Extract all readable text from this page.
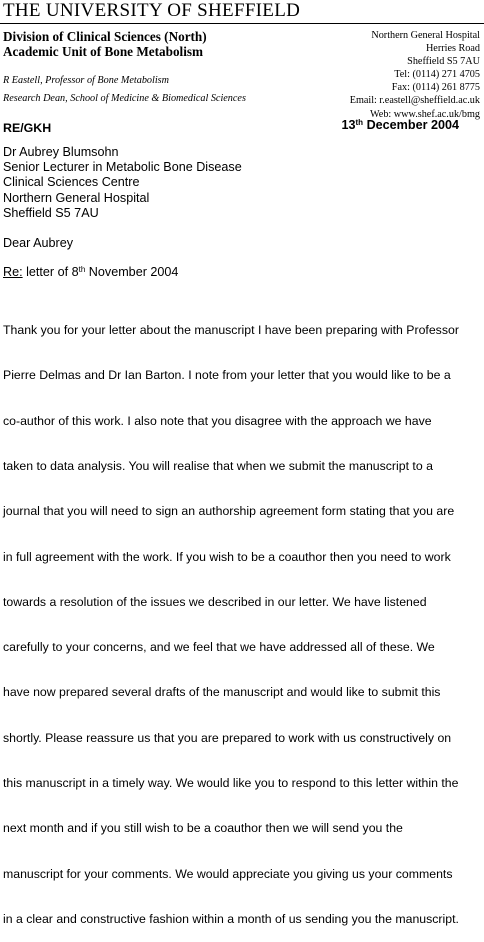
THE UNIVERSITY OF SHEFFIELD
Division of Clinical Sciences (North)
Academic Unit of Bone Metabolism
R Eastell, Professor of Bone Metabolism
Research Dean, School of Medicine & Biomedical Sciences
Northern General Hospital
Herries Road
Sheffield S5 7AU
Tel: (0114) 271 4705
Fax: (0114) 261 8775
Email: r.eastell@sheffield.ac.uk
Web: www.shef.ac.uk/bmg
RE/GKH	13th December 2004
Dr Aubrey Blumsohn
Senior Lecturer in Metabolic Bone Disease
Clinical Sciences Centre
Northern General Hospital
Sheffield S5 7AU
Dear Aubrey
Re: letter of 8th November 2004

Thank you for your letter about the manuscript I have been preparing with Professor

Pierre Delmas and Dr Ian Barton. I note from your letter that you would like to be a

co-author of this work. I also note that you disagree with the approach we have

taken to data analysis. You will realise that when we submit the manuscript to a

journal that you will need to sign an authorship agreement form stating that you are

in full agreement with the work. If you wish to be a coauthor then you need to work

towards a resolution of the issues we described in our letter. We have listened

carefully to your concerns, and we feel that we have addressed all of these. We

have now prepared several drafts of the manuscript and would like to submit this

shortly. Please reassure us that you are prepared to work with us constructively on

this manuscript in a timely way. We would like you to respond to this letter within the

next month and if you still wish to be a coauthor then we will send you the

manuscript for your comments. We would appreciate you giving us your comments

in a clear and constructive fashion within a month of us sending you the manuscript.
